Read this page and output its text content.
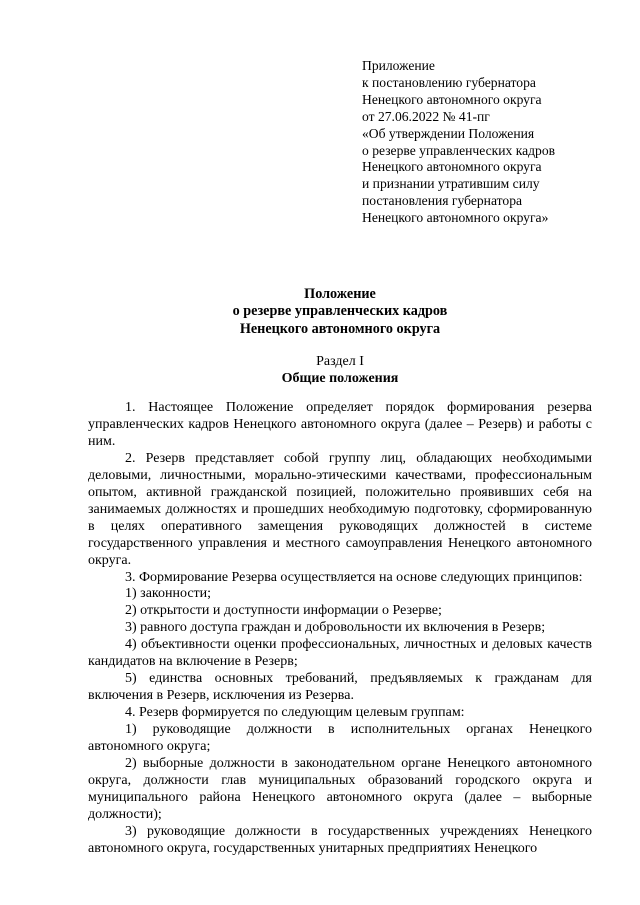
Приложение
к постановлению губернатора
Ненецкого автономного округа
от 27.06.2022 № 41-пг
«Об утверждении Положения
о резерве управленческих кадров
Ненецкого автономного округа
и признании утратившим силу
постановления губернатора
Ненецкого автономного округа»
Положение
о резерве управленческих кадров
Ненецкого автономного округа
Раздел I
Общие положения

1. Настоящее Положение определяет порядок формирования резерва управленческих кадров Ненецкого автономного округа (далее – Резерв) и работы с ним.

2. Резерв представляет собой группу лиц, обладающих необходимыми деловыми, личностными, морально-этическими качествами, профессиональным опытом, активной гражданской позицией, положительно проявивших себя на занимаемых должностях и прошедших необходимую подготовку, сформированную в целях оперативного замещения руководящих должностей в системе государственного управления и местного самоуправления Ненецкого автономного округа.

3. Формирование Резерва осуществляется на основе следующих принципов:

1) законности;

2) открытости и доступности информации о Резерве;

3) равного доступа граждан и добровольности их включения в Резерв;

4) объективности оценки профессиональных, личностных и деловых качеств кандидатов на включение в Резерв;

5) единства основных требований, предъявляемых к гражданам для включения в Резерв, исключения из Резерва.

4. Резерв формируется по следующим целевым группам:

1) руководящие должности в исполнительных органах Ненецкого автономного округа;

2) выборные должности в законодательном органе Ненецкого автономного округа, должности глав муниципальных образований городского округа и муниципального района Ненецкого автономного округа (далее – выборные должности);

3) руководящие должности в государственных учреждениях Ненецкого автономного округа, государственных унитарных предприятиях Ненецкого
